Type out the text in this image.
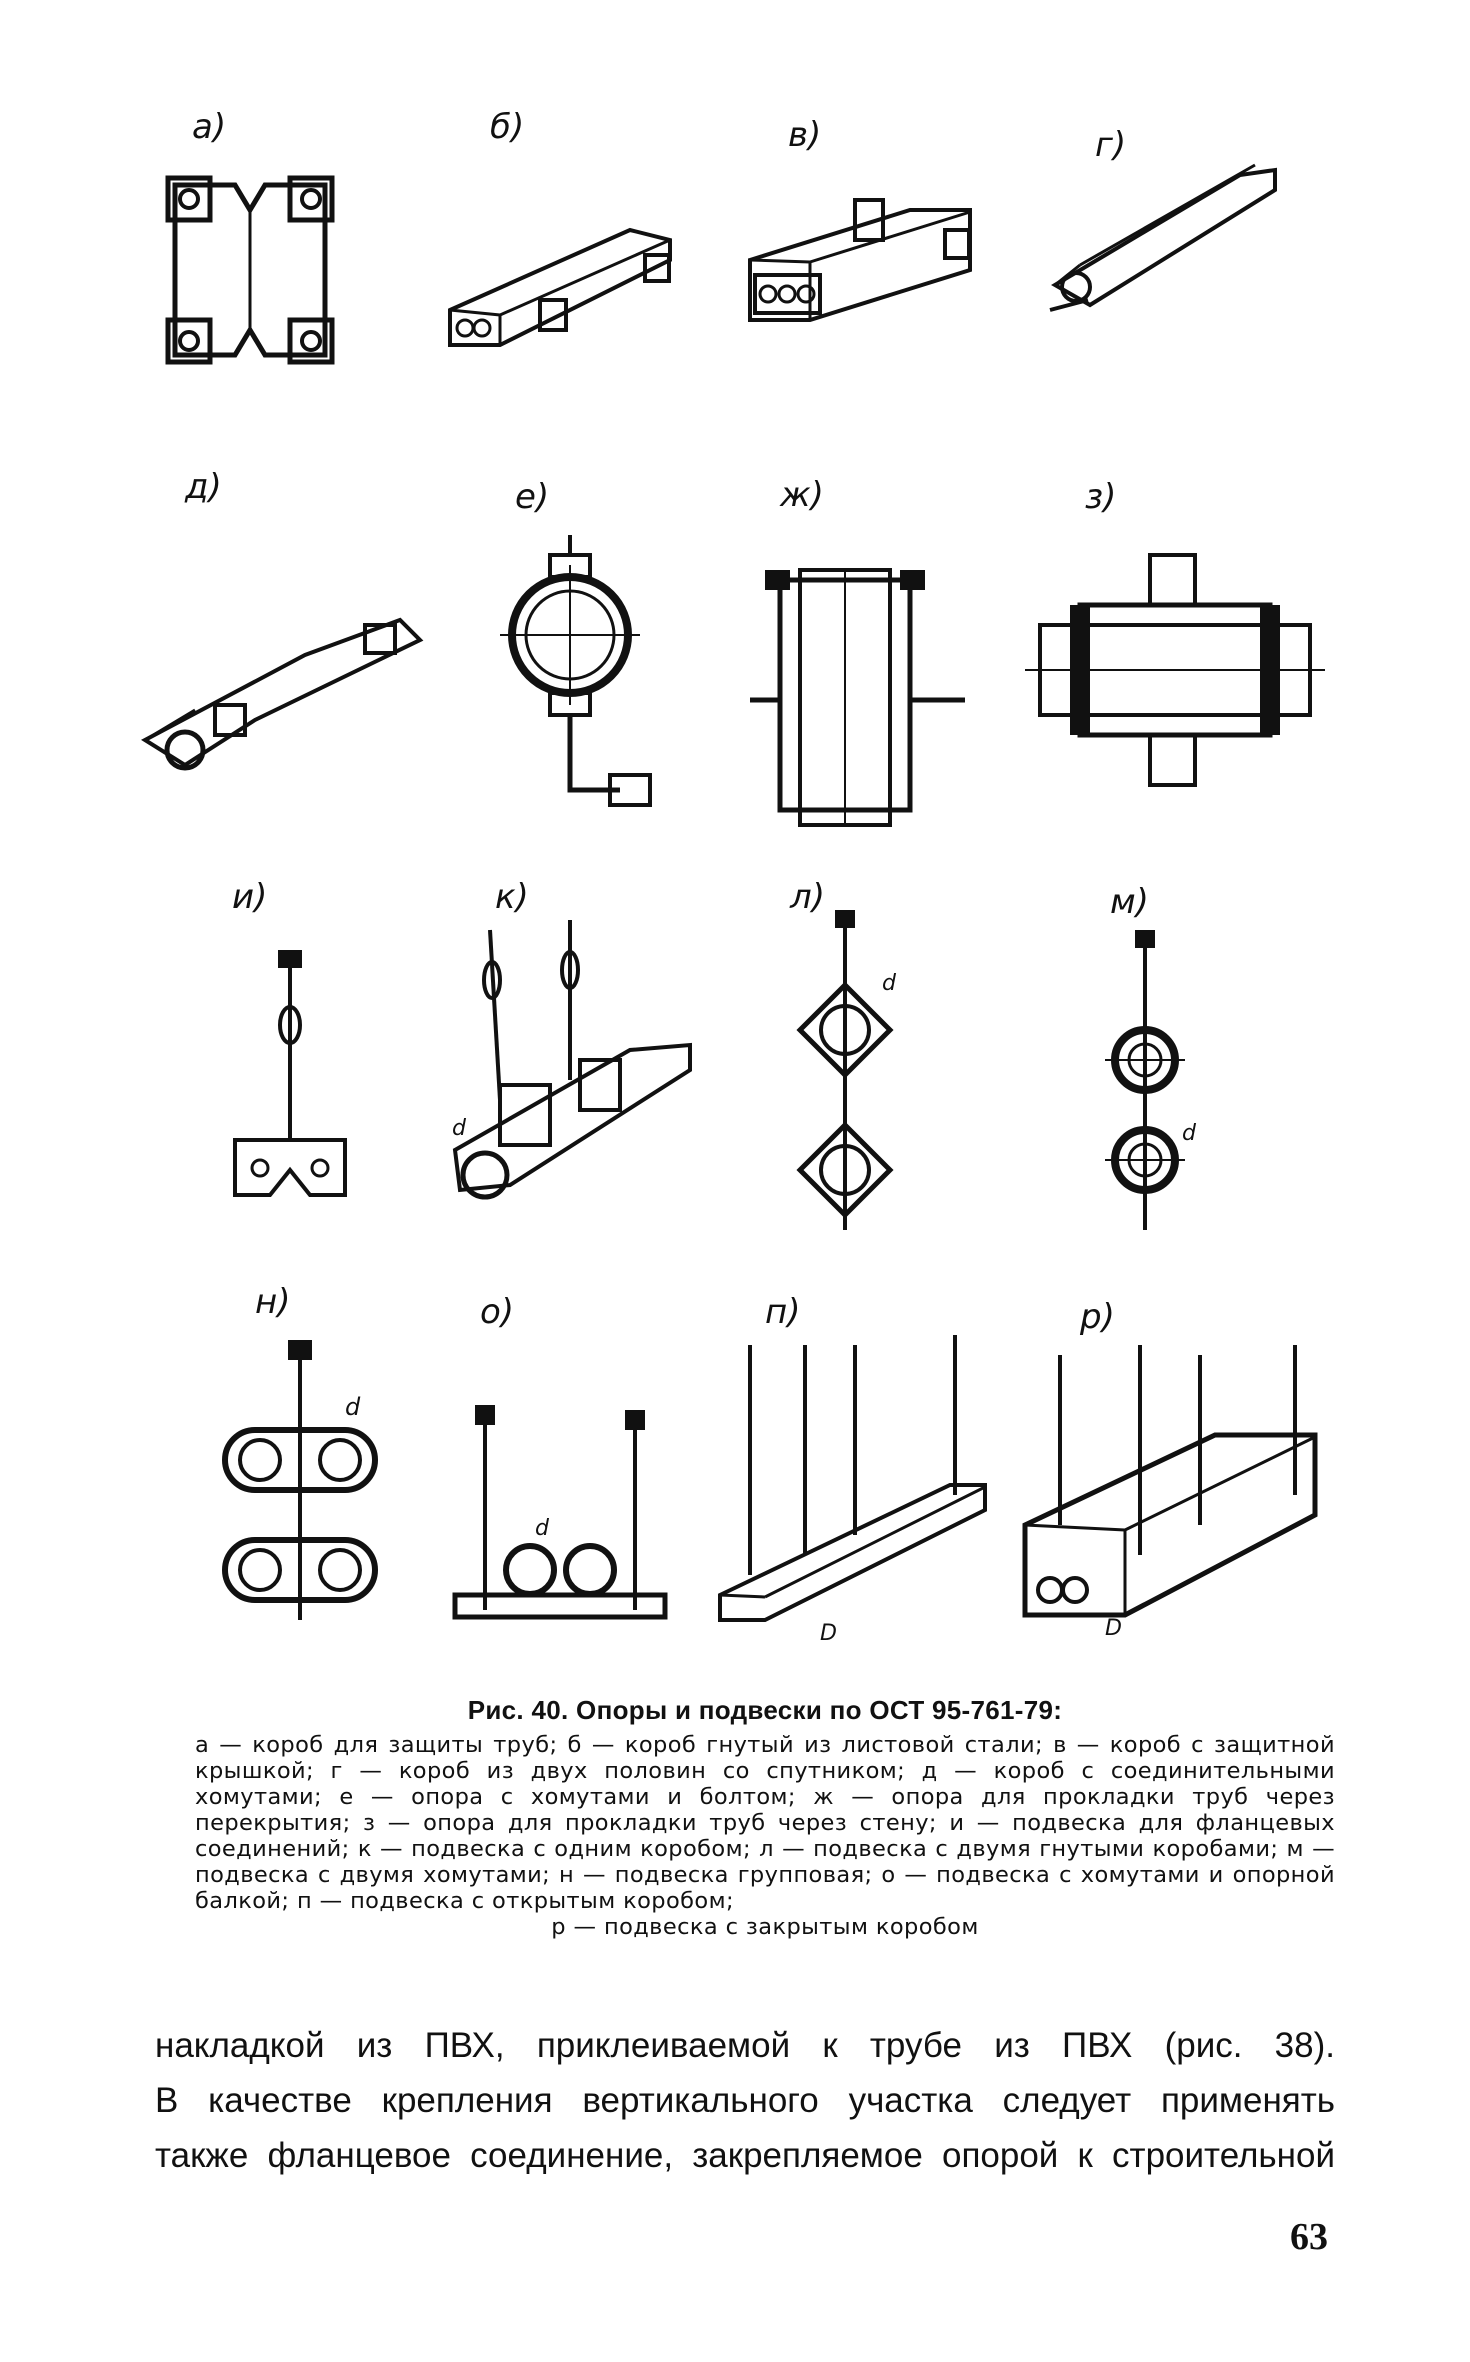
а)	б)	в)	г)
д)	е)	ж)	з)
и)	к)
d
л)
d
м)
d
н)
d
о)
d
п)
D
р)
D
Рис. 40. Опоры и подвески по ОСТ 95-761-79:
а — короб для защиты труб; б — короб гнутый из листовой стали; в — короб с защитной крышкой; г — короб из двух половин со спутником; д — короб с соединительными хомутами; е — опора с хомутами и болтом; ж — опора для прокладки труб через перекрытия; з — опора для прокладки труб через стену; и — подвеска для фланцевых соединений; к — подвеска с одним коробом; л — подвеска с двумя гнутыми коробами; м — подвеска с двумя хомутами; н — подвеска групповая; о — подвеска с хомутами и опорной балкой; п — подвеска с открытым коробом;
р — подвеска с закрытым коробом
накладкой из ПВХ, приклеиваемой к трубе из ПВХ (рис. 38).
В качестве крепления вертикального участка следует применять
также фланцевое соединение, закрепляемое опорой к строительной
63
